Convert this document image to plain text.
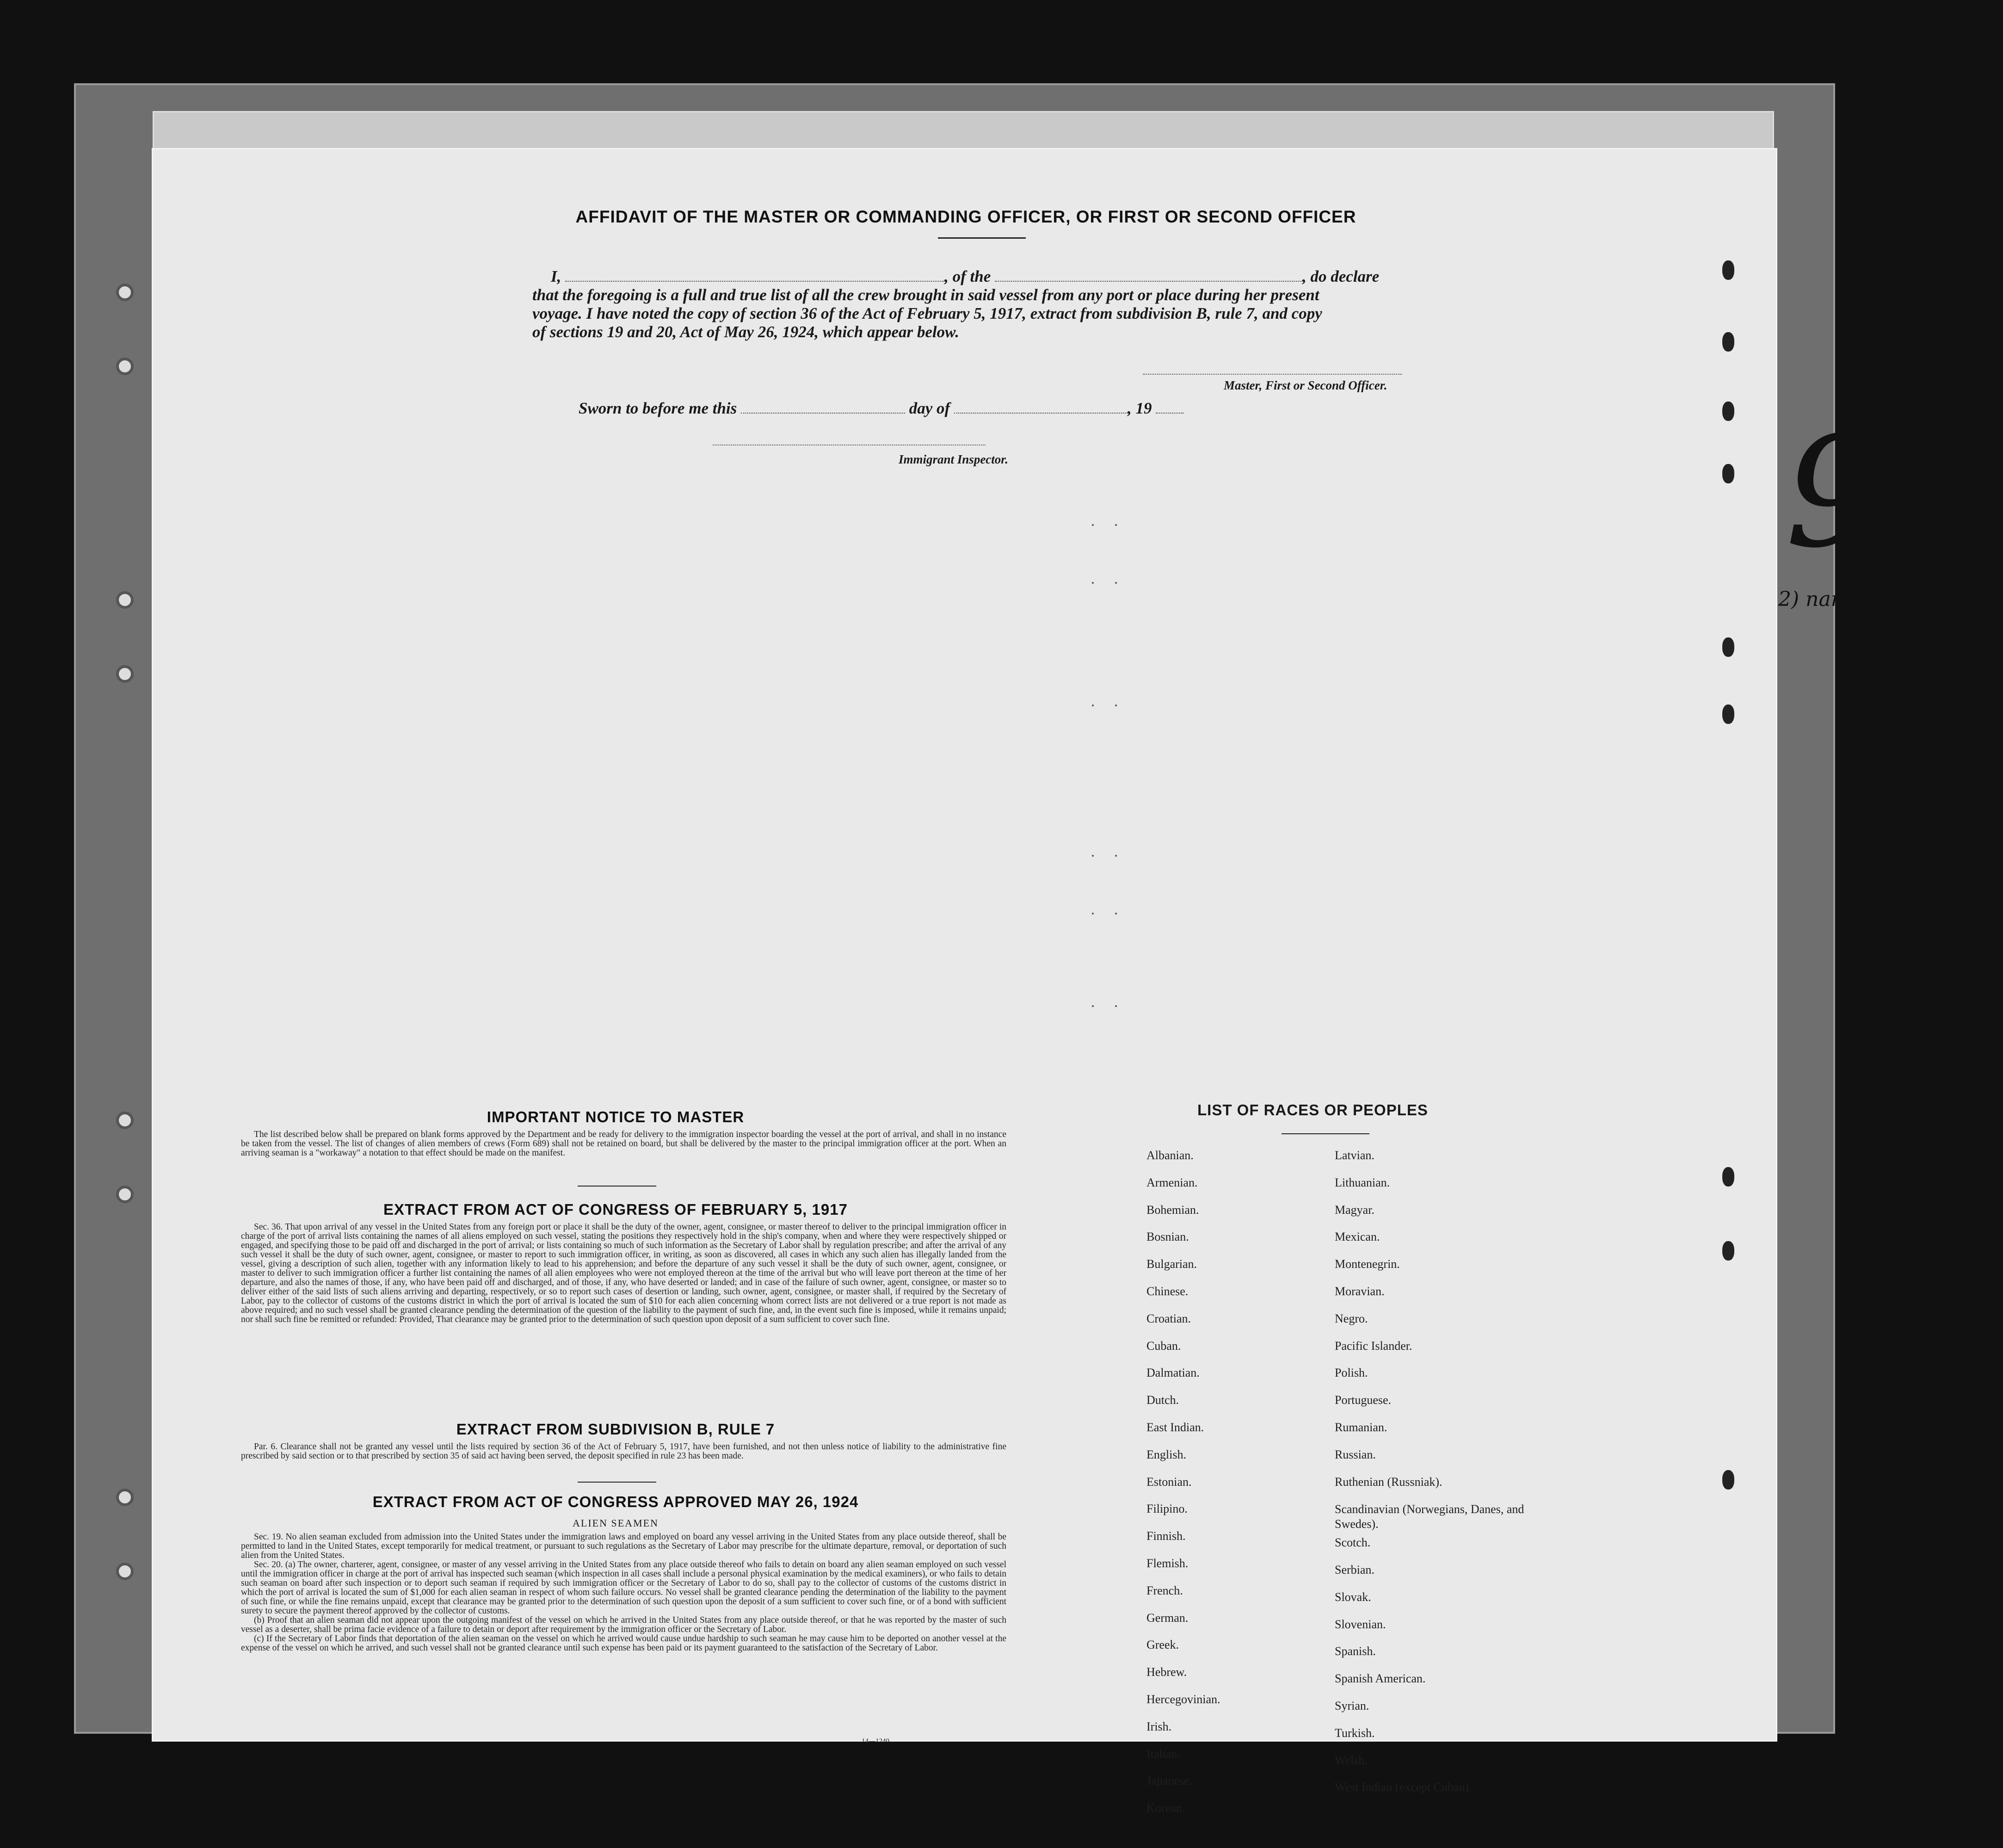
9
2) names
AFFIDAVIT OF THE MASTER OR COMMANDING OFFICER, OR FIRST OR SECOND OFFICER
I,	, of the	, do declare
that the foregoing is a full and true list of all the crew brought in said vessel from any port or place during her present
voyage. I have noted the copy of section 36 of the Act of February 5, 1917, extract from subdivision B, rule 7, and copy
of sections 19 and 20, Act of May 26, 1924, which appear below.
Master, First or Second Officer.
Sworn to before me this	day of	, 19
Immigrant Inspector.
IMPORTANT NOTICE TO MASTER

The list described below shall be prepared on blank forms approved by the Department and be ready for delivery to the immigration inspector boarding the vessel at the port of arrival, and shall in no instance be taken from the vessel. The list of changes of alien members of crews (Form 689) shall not be retained on board, but shall be delivered by the master to the principal immigration officer at the port. When an arriving seaman is a "workaway" a notation to that effect should be made on the manifest.

EXTRACT FROM ACT OF CONGRESS OF FEBRUARY 5, 1917

Sec. 36. That upon arrival of any vessel in the United States from any foreign port or place it shall be the duty of the owner, agent, consignee, or master thereof to deliver to the principal immigration officer in charge of the port of arrival lists containing the names of all aliens employed on such vessel, stating the positions they respectively hold in the ship's company, when and where they were respectively shipped or engaged, and specifying those to be paid off and discharged in the port of arrival; or lists containing so much of such information as the Secretary of Labor shall by regulation prescribe; and after the arrival of any such vessel it shall be the duty of such owner, agent, consignee, or master to report to such immigration officer, in writing, as soon as discovered, all cases in which any such alien has illegally landed from the vessel, giving a description of such alien, together with any information likely to lead to his apprehension; and before the departure of any such vessel it shall be the duty of such owner, agent, consignee, or master to deliver to such immigration officer a further list containing the names of all alien employees who were not employed thereon at the time of the arrival but who will leave port thereon at the time of her departure, and also the names of those, if any, who have been paid off and discharged, and of those, if any, who have deserted or landed; and in case of the failure of such owner, agent, consignee, or master so to deliver either of the said lists of such aliens arriving and departing, respectively, or so to report such cases of desertion or landing, such owner, agent, consignee, or master shall, if required by the Secretary of Labor, pay to the collector of customs of the customs district in which the port of arrival is located the sum of $10 for each alien concerning whom correct lists are not delivered or a true report is not made as above required; and no such vessel shall be granted clearance pending the determination of the question of the liability to the payment of such fine, and, in the event such fine is imposed, while it remains unpaid; nor shall such fine be remitted or refunded: Provided, That clearance may be granted prior to the determination of such question upon deposit of a sum sufficient to cover such fine.

EXTRACT FROM SUBDIVISION B, RULE 7

Par. 6. Clearance shall not be granted any vessel until the lists required by section 36 of the Act of February 5, 1917, have been furnished, and not then unless notice of liability to the administrative fine prescribed by said section or to that prescribed by section 35 of said act having been served, the deposit specified in rule 23 has been made.

EXTRACT FROM ACT OF CONGRESS APPROVED MAY 26, 1924
ALIEN SEAMEN

Sec. 19. No alien seaman excluded from admission into the United States under the immigration laws and employed on board any vessel arriving in the United States from any place outside thereof, shall be permitted to land in the United States, except temporarily for medical treatment, or pursuant to such regulations as the Secretary of Labor may prescribe for the ultimate departure, removal, or deportation of such alien from the United States.

Sec. 20. (a) The owner, charterer, agent, consignee, or master of any vessel arriving in the United States from any place outside thereof who fails to detain on board any alien seaman employed on such vessel until the immigration officer in charge at the port of arrival has inspected such seaman (which inspection in all cases shall include a personal physical examination by the medical examiners), or who fails to detain such seaman on board after such inspection or to deport such seaman if required by such immigration officer or the Secretary of Labor to do so, shall pay to the collector of customs of the customs district in which the port of arrival is located the sum of $1,000 for each alien seaman in respect of whom such failure occurs. No vessel shall be granted clearance pending the determination of the liability to the payment of such fine, or while the fine remains unpaid, except that clearance may be granted prior to the determination of such question upon the deposit of a sum sufficient to cover such fine, or of a bond with sufficient surety to secure the payment thereof approved by the collector of customs.

(b) Proof that an alien seaman did not appear upon the outgoing manifest of the vessel on which he arrived in the United States from any place outside thereof, or that he was reported by the master of such vessel as a deserter, shall be prima facie evidence of a failure to detain or deport after requirement by the immigration officer or the Secretary of Labor.

(c) If the Secretary of Labor finds that deportation of the alien seaman on the vessel on which he arrived would cause undue hardship to such seaman he may cause him to be deported on another vessel at the expense of the vessel on which he arrived, and such vessel shall not be granted clearance until such expense has been paid or its payment guaranteed to the satisfaction of the Secretary of Labor.

14—1240
LIST OF RACES OR PEOPLES
Albanian.
Armenian.
Bohemian.
Bosnian.
Bulgarian.
Chinese.
Croatian.
Cuban.
Dalmatian.
Dutch.
East Indian.
English.
Estonian.
Filipino.
Finnish.
Flemish.
French.
German.
Greek.
Hebrew.
Hercegovinian.
Irish.
Italian.
Japanese.
Korean.
Latvian.
Lithuanian.
Magyar.
Mexican.
Montenegrin.
Moravian.
Negro.
Pacific Islander.
Polish.
Portuguese.
Rumanian.
Russian.
Ruthenian (Russniak).
Scandinavian (Norwegians, Danes, and Swedes).
Scotch.
Serbian.
Slovak.
Slovenian.
Spanish.
Spanish American.
Syrian.
Turkish.
Welsh.
West Indian (except Cuban).
